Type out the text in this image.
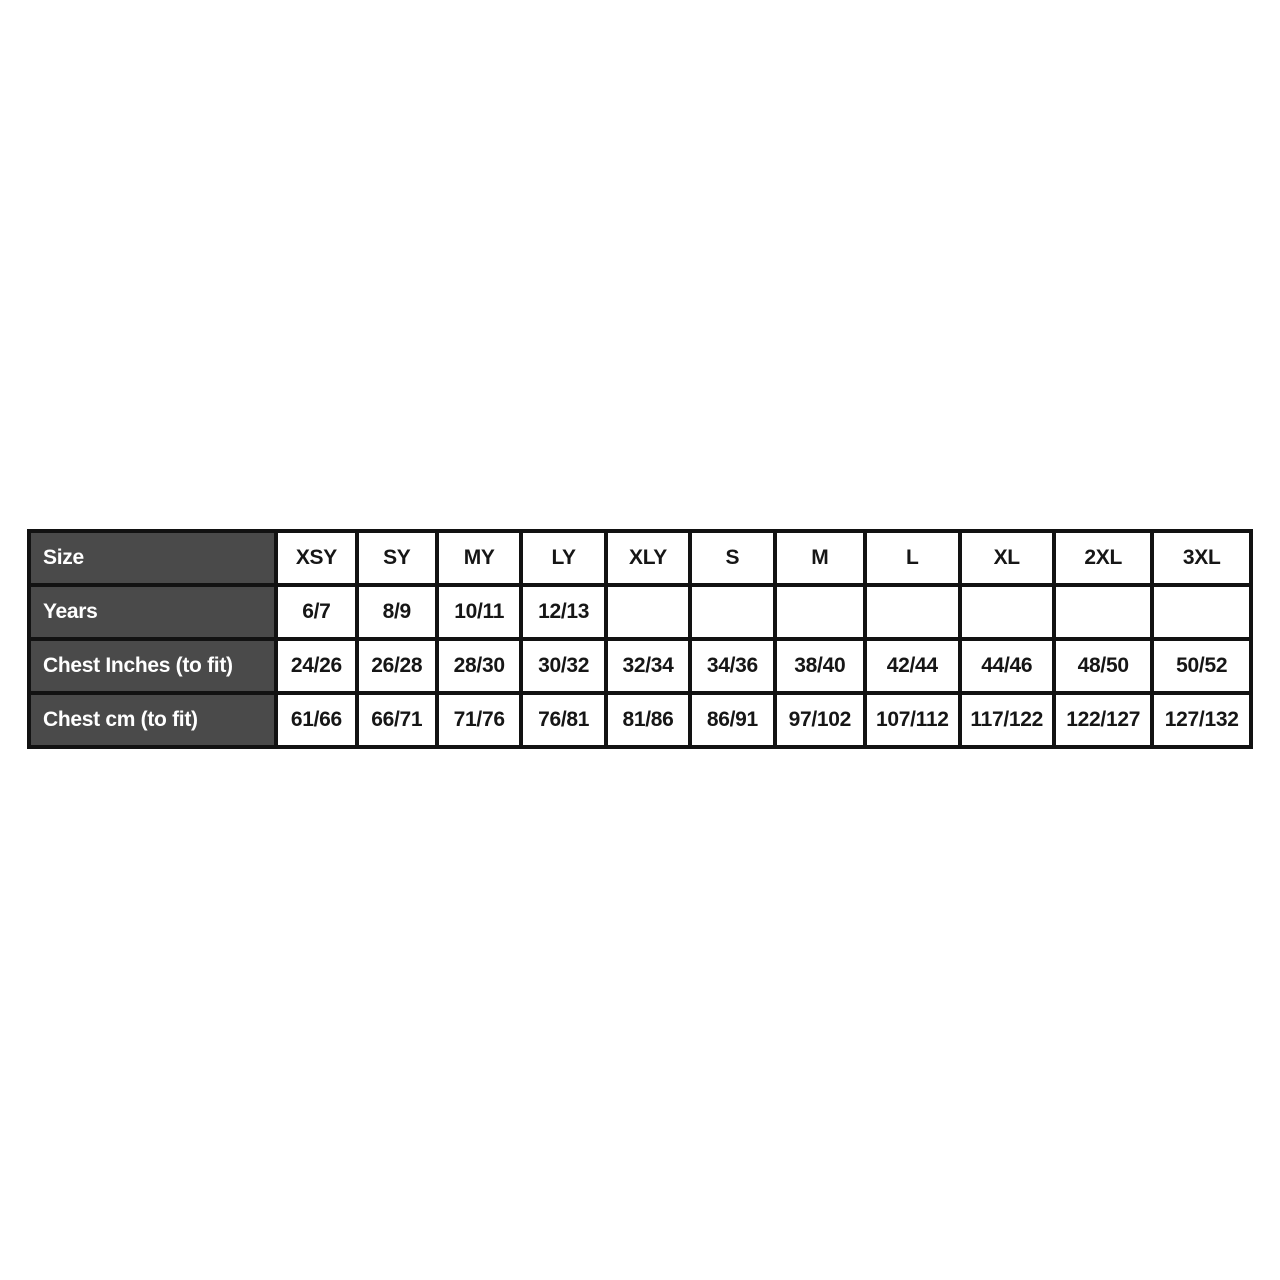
Size	XSY	SY	MY	LY	XLY	S	M	L	XL	2XL	3XL
Years	6/7	8/9	10/11	12/13							
Chest Inches (to fit)	24/26	26/28	28/30	30/32	32/34	34/36	38/40	42/44	44/46	48/50	50/52
Chest cm (to fit)	61/66	66/71	71/76	76/81	81/86	86/91	97/102	107/112	117/122	122/127	127/132
